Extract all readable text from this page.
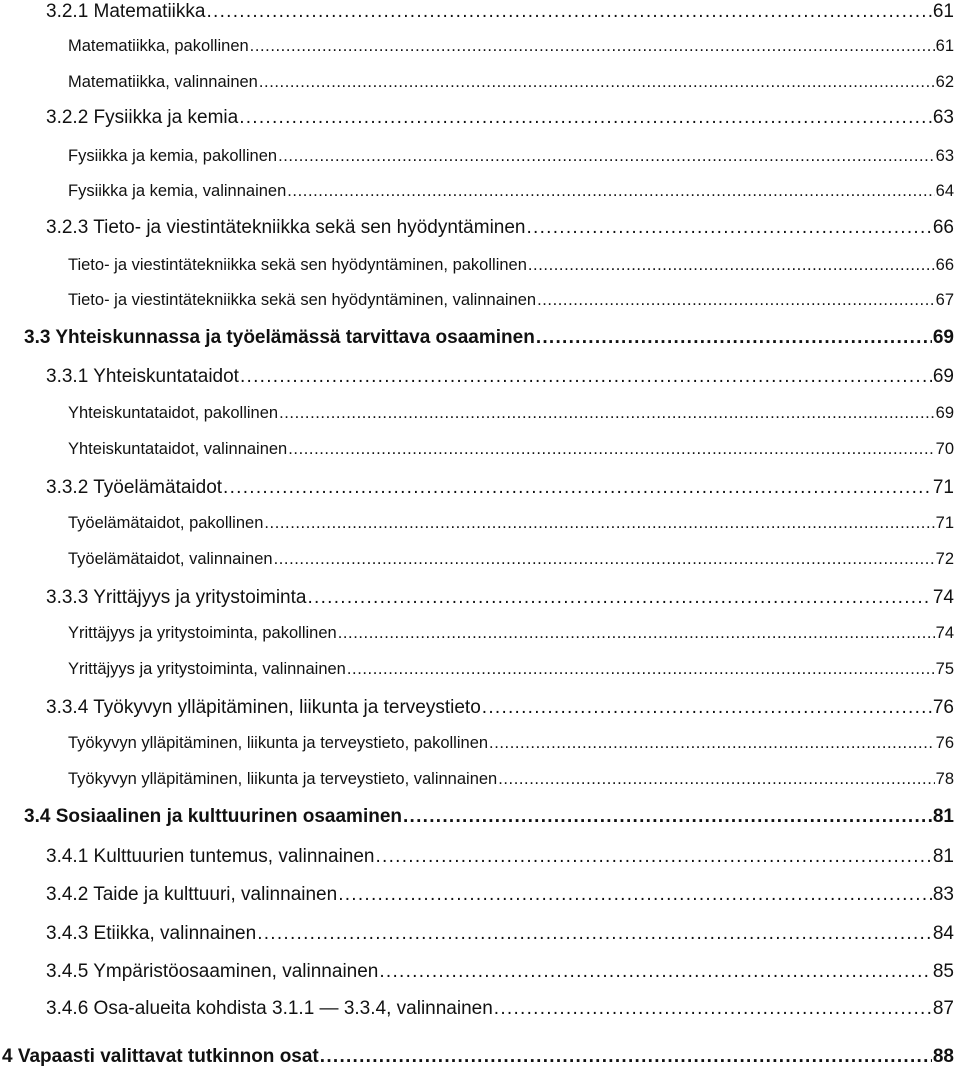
3.2.1 Matematiikka . . .	61
Matematiikka, pakollinen . . .	61
Matematiikka, valinnainen . . .	62
3.2.2 Fysiikka ja kemia . . .	63
Fysiikka ja kemia, pakollinen . . .	63
Fysiikka ja kemia, valinnainen . . .	64
3.2.3 Tieto- ja viestintätekniikka sekä sen hyödyntäminen . . .	66
Tieto- ja viestintätekniikka sekä sen hyödyntäminen, pakollinen . . .	66
Tieto- ja viestintätekniikka sekä sen hyödyntäminen, valinnainen . . .	67
3.3 Yhteiskunnassa ja työelämässä tarvittava osaaminen . . .	69
3.3.1 Yhteiskuntataidot . . .	69
Yhteiskuntataidot, pakollinen . . .	69
Yhteiskuntataidot, valinnainen . . .	70
3.3.2 Työelämätaidot . . .	71
Työelämätaidot, pakollinen . . .	71
Työelämätaidot, valinnainen . . .	72
3.3.3 Yrittäjyys ja yritystoiminta . . .	74
Yrittäjyys ja yritystoiminta, pakollinen . . .	74
Yrittäjyys ja yritystoiminta, valinnainen . . .	75
3.3.4 Työkyvyn ylläpitäminen, liikunta ja terveystieto . . .	76
Työkyvyn ylläpitäminen, liikunta ja terveystieto, pakollinen . . .	76
Työkyvyn ylläpitäminen, liikunta ja terveystieto, valinnainen . . .	78
3.4 Sosiaalinen ja kulttuurinen osaaminen . . .	81
3.4.1 Kulttuurien tuntemus, valinnainen . . .	81
3.4.2 Taide ja kulttuuri, valinnainen . . .	83
3.4.3 Etiikka, valinnainen . . .	84
3.4.5 Ympäristöosaaminen, valinnainen . . .	85
3.4.6 Osa-alueita kohdista 3.1.1 — 3.3.4, valinnainen . . .	87
4 Vapaasti valittavat tutkinnon osat . . .	88
